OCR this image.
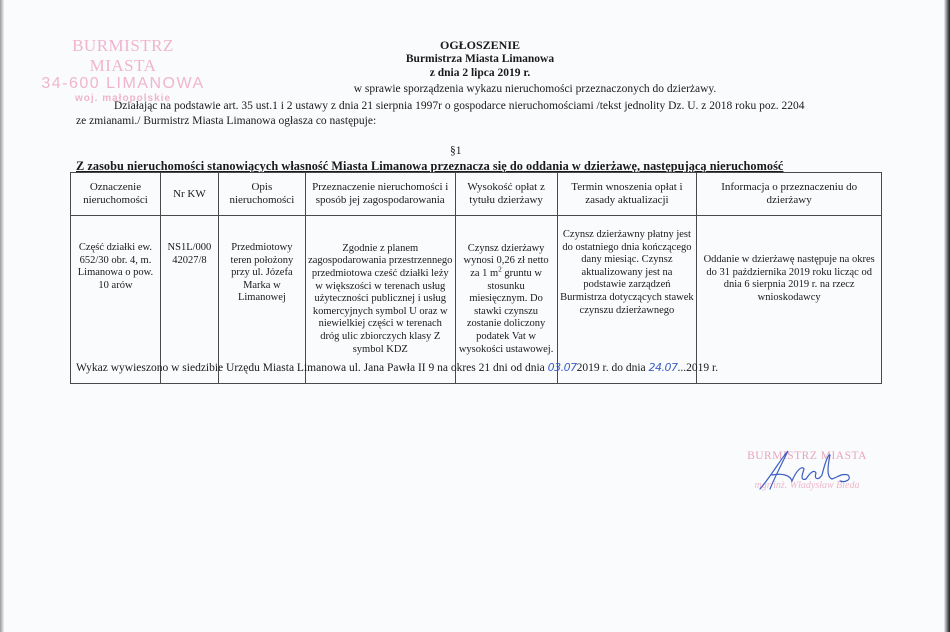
BURMISTRZ MIASTA
34-600 LIMANOWA
woj. małopolskie
OGŁOSZENIE
Burmistrza Miasta Limanowa
z dnia 2 lipca 2019 r.
w sprawie sporządzenia wykazu nieruchomości przeznaczonych do dzierżawy.
Działając na podstawie art. 35 ust.1 i 2 ustawy z dnia 21 sierpnia 1997r o gospodarce nieruchomościami /tekst jednolity Dz. U. z 2018 roku poz. 2204
ze zmianami./ Burmistrz Miasta Limanowa ogłasza co następuje:
§1
Z zasobu nieruchomości stanowiących własność Miasta Limanowa przeznacza się do oddania w dzierżawę, następującą nieruchomość
Oznaczenie nieruchomości	Nr KW	Opis nieruchomości	Przeznaczenie nieruchomości i sposób jej zagospodarowania	Wysokość opłat z tytułu dzierżawy	Termin wnoszenia opłat i zasady aktualizacji	Informacja o przeznaczeniu do dzierżawy
Część działki ew. 652/30 obr. 4, m. Limanowa o pow. 10 arów	NS1L/000 42027/8	Przedmiotowy teren położony przy ul. Józefa Marka w Limanowej	Zgodnie z planem zagospodarowania przestrzennego przedmiotowa cześć działki leży w większości w terenach usług użyteczności publicznej i usług komercyjnych symbol U oraz w niewielkiej części w terenach dróg ulic zbiorczych klasy Z symbol KDZ	Czynsz dzierżawy wynosi 0,26 zł netto za 1 $m^2$ gruntu w stosunku miesięcznym. Do stawki czynszu zostanie doliczony podatek Vat w wysokości ustawowej.	Czynsz dzierżawny płatny jest do ostatniego dnia kończącego dany miesiąc. Czynsz aktualizowany jest na podstawie zarządzeń Burmistrza dotyczących stawek czynszu dzierżawnego	Oddanie w dzierżawę następuje na okres do 31 października 2019 roku licząc od dnia 6 sierpnia 2019 r. na rzecz wnioskodawcy
Wykaz wywieszono w siedzibie Urzędu Miasta Limanowa ul. Jana Pawła II 9 na okres 21 dni od dnia 03.072019 r. do dnia 24.07...2019 r.
BURMISTRZ MIASTA
mgr inż. Władysław Bieda
